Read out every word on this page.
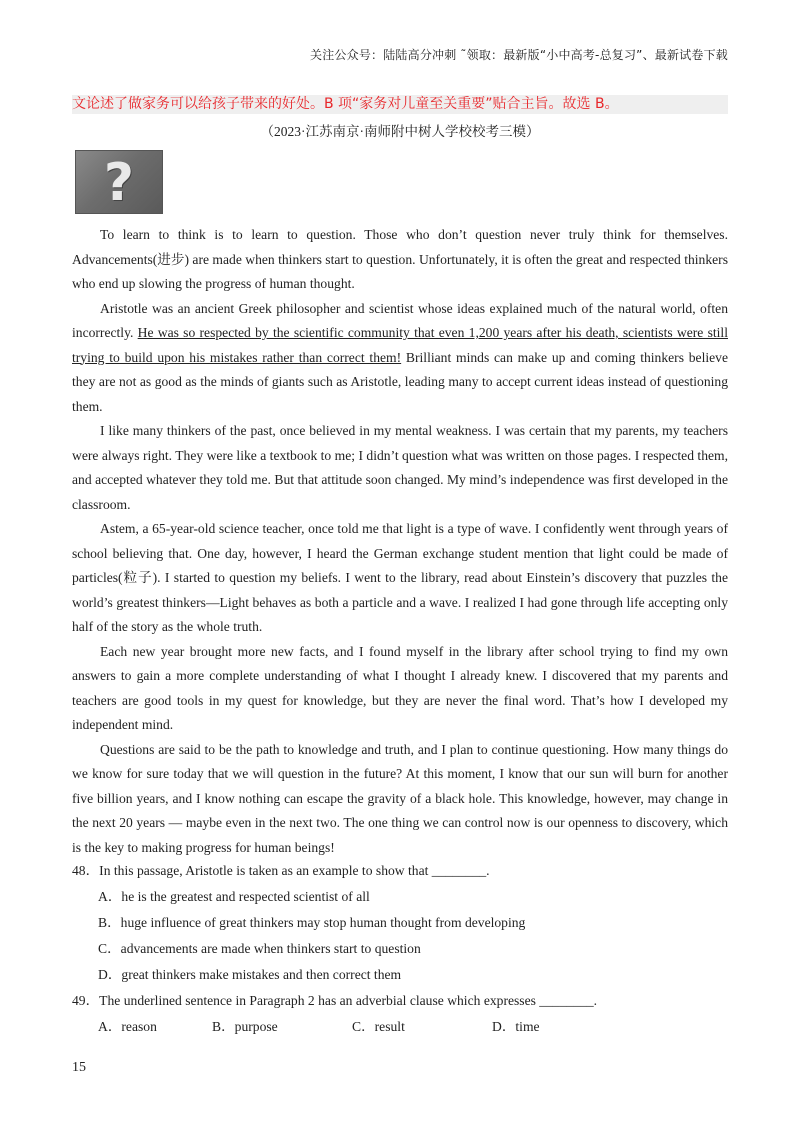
关注公众号：陆陆高分冲刺 ˜领取：最新版“小中高考-总复习”、最新试卷下载
文论述了做家务可以给孩子带来的好处。B 项“家务对儿童至关重要”贴合主旨。故选 B。
（2023·江苏南京·南师附中树人学校校考三模）
?

To learn to think is to learn to question. Those who don’t question never truly think for themselves. Advancements(进步) are made when thinkers start to question. Unfortunately, it is often the great and respected thinkers who end up slowing the progress of human thought.

Aristotle was an ancient Greek philosopher and scientist whose ideas explained much of the natural world, often incorrectly. He was so respected by the scientific community that even 1,200 years after his death, scientists were still trying to build upon his mistakes rather than correct them! Brilliant minds can make up and coming thinkers believe they are not as good as the minds of giants such as Aristotle, leading many to accept current ideas instead of questioning them.

I like many thinkers of the past, once believed in my mental weakness. I was certain that my parents, my teachers were always right. They were like a textbook to me; I didn’t question what was written on those pages. I respected them, and accepted whatever they told me. But that attitude soon changed. My mind’s independence was first developed in the classroom.

Astem, a 65-year-old science teacher, once told me that light is a type of wave. I confidently went through years of school believing that. One day, however, I heard the German exchange student mention that light could be made of particles(粒子). I started to question my beliefs. I went to the library, read about Einstein’s discovery that puzzles the world’s greatest thinkers—Light behaves as both a particle and a wave. I realized I had gone through life accepting only half of the story as the whole truth.

Each new year brought more new facts, and I found myself in the library after school trying to find my own answers to gain a more complete understanding of what I thought I already knew. I discovered that my parents and teachers are good tools in my quest for knowledge, but they are never the final word. That’s how I developed my independent mind.

Questions are said to be the path to knowledge and truth, and I plan to continue questioning. How many things do we know for sure today that we will question in the future? At this moment, I know that our sun will burn for another five billion years, and I know nothing can escape the gravity of a black hole. This knowledge, however, may change in the next 20 years — maybe even in the next two. The one thing we can control now is our openness to discovery, which is the key to making progress for human beings!

48．In this passage, Aristotle is taken as an example to show that ________.
A．he is the greatest and respected scientist of all
B．huge influence of great thinkers may stop human thought from developing
C．advancements are made when thinkers start to question
D．great thinkers make mistakes and then correct them
49．The underlined sentence in Paragraph 2 has an adverbial clause which expresses ________.
A．reason	B．purpose	C．result	D．time
15
